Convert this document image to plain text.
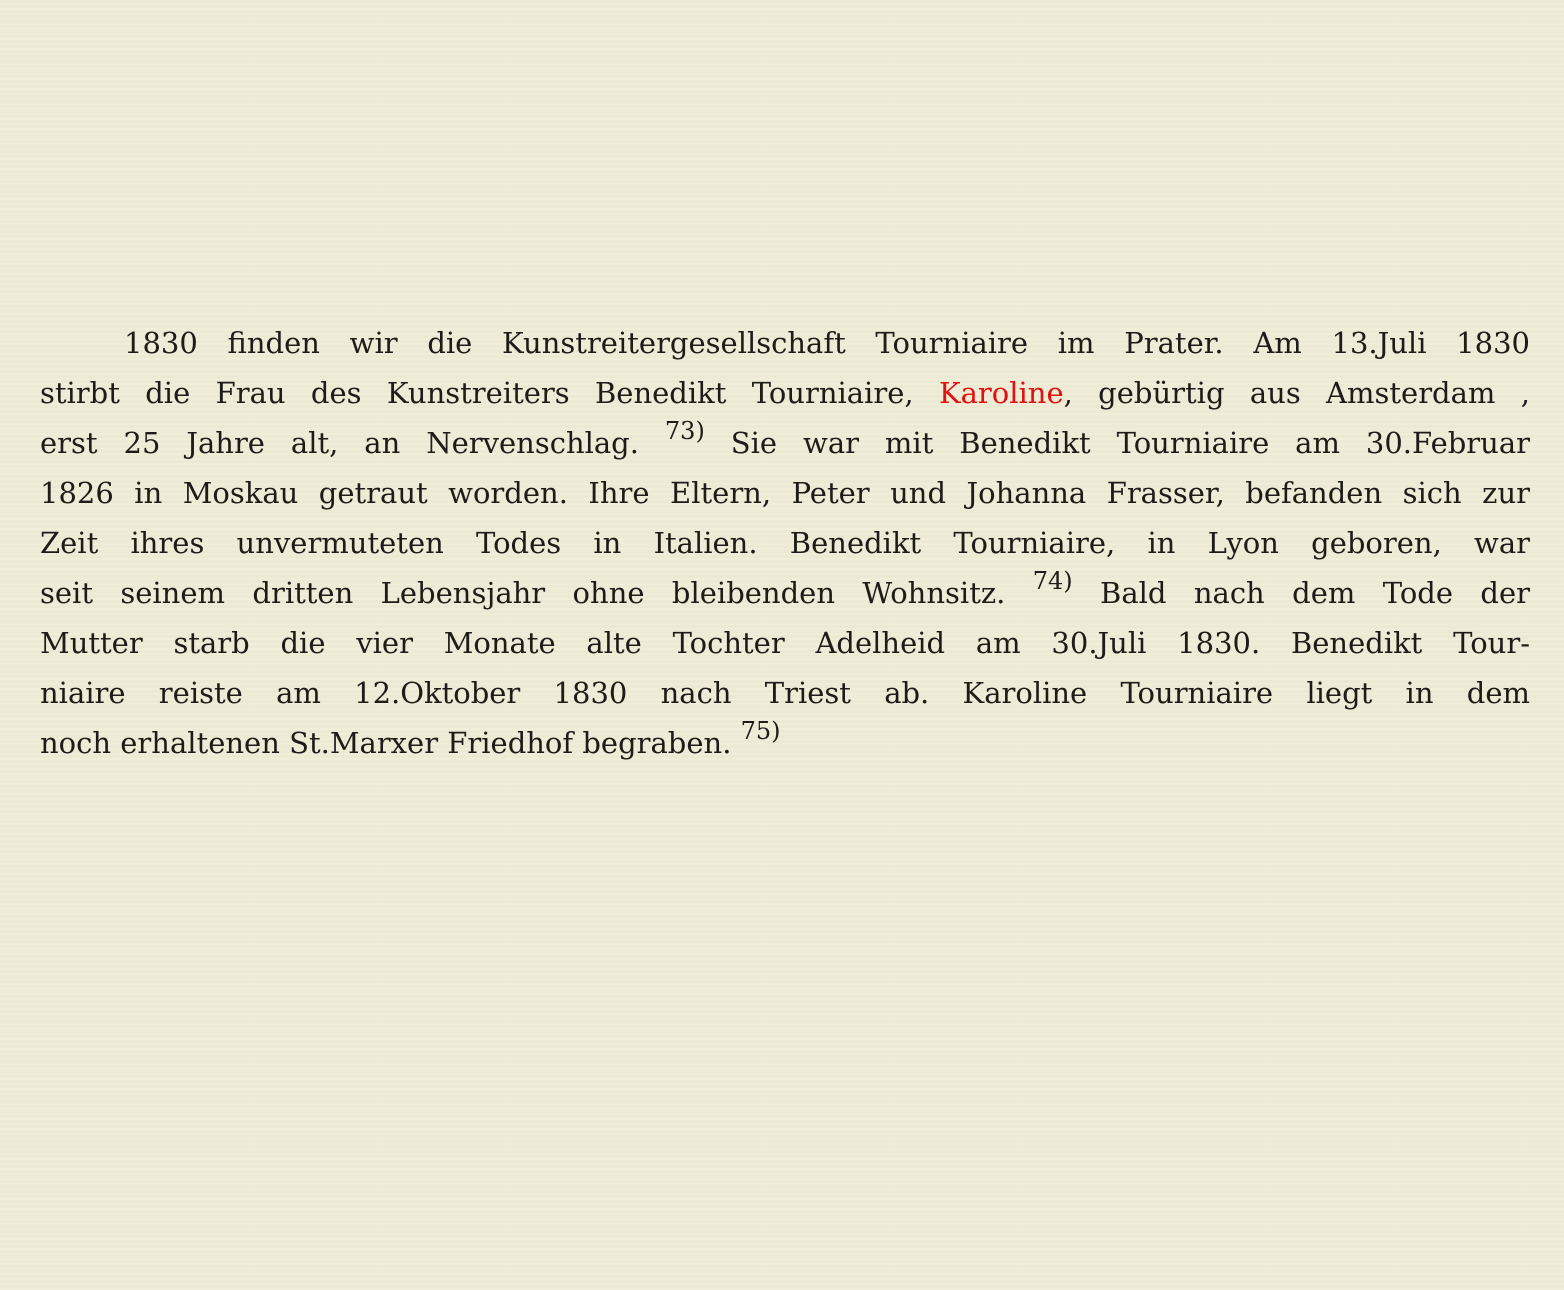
1830 finden wir die Kunstreitergesellschaft Tourniaire im Prater. Am 13.Juli 1830
stirbt die Frau des Kunstreiters Benedikt Tourniaire, Karoline, gebürtig aus Amsterdam ,
erst 25 Jahre alt, an Nervenschlag. $^{73)}$ Sie war mit Benedikt Tourniaire am 30.Februar
1826 in Moskau getraut worden. Ihre Eltern, Peter und Johanna Frasser, befanden sich zur
Zeit ihres unvermuteten Todes in Italien. Benedikt Tourniaire, in Lyon geboren, war
seit seinem dritten Lebensjahr ohne bleibenden Wohnsitz. $^{74)}$ Bald nach dem Tode der
Mutter starb die vier Monate alte Tochter Adelheid am 30.Juli 1830. Benedikt Tour-
niaire reiste am 12.Oktober 1830 nach Triest ab. Karoline Tourniaire liegt in dem
noch erhaltenen St.Marxer Friedhof begraben. $^{75)}$
